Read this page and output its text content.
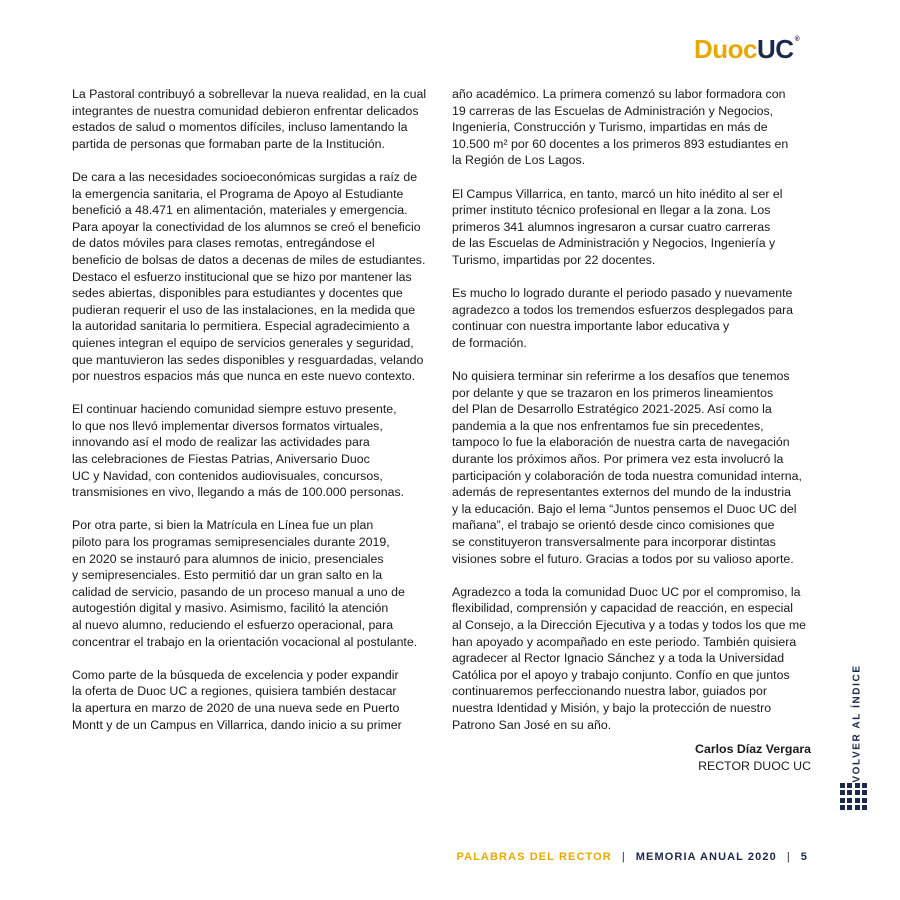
DuocUC®

La Pastoral contribuyó a sobrellevar la nueva realidad, en la cual
integrantes de nuestra comunidad debieron enfrentar delicados
estados de salud o momentos difíciles, incluso lamentando la
partida de personas que formaban parte de la Institución.

De cara a las necesidades socioeconómicas surgidas a raíz de
la emergencia sanitaria, el Programa de Apoyo al Estudiante
benefició a 48.471 en alimentación, materiales y emergencia.
Para apoyar la conectividad de los alumnos se creó el beneficio
de datos móviles para clases remotas, entregándose el
beneficio de bolsas de datos a decenas de miles de estudiantes.
Destaco el esfuerzo institucional que se hizo por mantener las
sedes abiertas, disponibles para estudiantes y docentes que
pudieran requerir el uso de las instalaciones, en la medida que
la autoridad sanitaria lo permitiera. Especial agradecimiento a
quienes integran el equipo de servicios generales y seguridad,
que mantuvieron las sedes disponibles y resguardadas, velando
por nuestros espacios más que nunca en este nuevo contexto.

El continuar haciendo comunidad siempre estuvo presente,
lo que nos llevó implementar diversos formatos virtuales,
innovando así el modo de realizar las actividades para
las celebraciones de Fiestas Patrias, Aniversario Duoc
UC y Navidad, con contenidos audiovisuales, concursos,
transmisiones en vivo, llegando a más de 100.000 personas.

Por otra parte, si bien la Matrícula en Línea fue un plan
piloto para los programas semipresenciales durante 2019,
en 2020 se instauró para alumnos de inicio, presenciales
y semipresenciales. Esto permitió dar un gran salto en la
calidad de servicio, pasando de un proceso manual a uno de
autogestión digital y masivo. Asimismo, facilitó la atención
al nuevo alumno, reduciendo el esfuerzo operacional, para
concentrar el trabajo en la orientación vocacional al postulante.

Como parte de la búsqueda de excelencia y poder expandir
la oferta de Duoc UC a regiones, quisiera también destacar
la apertura en marzo de 2020 de una nueva sede en Puerto
Montt y de un Campus en Villarrica, dando inicio a su primer

año académico. La primera comenzó su labor formadora con
19 carreras de las Escuelas de Administración y Negocios,
Ingeniería, Construcción y Turismo, impartidas en más de
10.500 m² por 60 docentes a los primeros 893 estudiantes en
la Región de Los Lagos.

El Campus Villarrica, en tanto, marcó un hito inédito al ser el
primer instituto técnico profesional en llegar a la zona. Los
primeros 341 alumnos ingresaron a cursar cuatro carreras
de las Escuelas de Administración y Negocios, Ingeniería y
Turismo, impartidas por 22 docentes.

Es mucho lo logrado durante el periodo pasado y nuevamente
agradezco a todos los tremendos esfuerzos desplegados para
continuar con nuestra importante labor educativa y
de formación.

No quisiera terminar sin referirme a los desafíos que tenemos
por delante y que se trazaron en los primeros lineamientos
del Plan de Desarrollo Estratégico 2021-2025. Así como la
pandemia a la que nos enfrentamos fue sin precedentes,
tampoco lo fue la elaboración de nuestra carta de navegación
durante los próximos años. Por primera vez esta involucró la
participación y colaboración de toda nuestra comunidad interna,
además de representantes externos del mundo de la industria
y la educación. Bajo el lema “Juntos pensemos el Duoc UC del
mañana”, el trabajo se orientó desde cinco comisiones que
se constituyeron transversalmente para incorporar distintas
visiones sobre el futuro. Gracias a todos por su valioso aporte.

Agradezco a toda la comunidad Duoc UC por el compromiso, la
flexibilidad, comprensión y capacidad de reacción, en especial
al Consejo, a la Dirección Ejecutiva y a todas y todos los que me
han apoyado y acompañado en este periodo. También quisiera
agradecer al Rector Ignacio Sánchez y a toda la Universidad
Católica por el apoyo y trabajo conjunto. Confío en que juntos
continuaremos perfeccionando nuestra labor, guiados por
nuestra Identidad y Misión, y bajo la protección de nuestro
Patrono San José en su año.

Carlos Díaz Vergara
RECTOR DUOC UC	VOLVER AL ÍNDICE
PALABRAS DEL RECTOR | MEMORIA ANUAL 2020 | 5
